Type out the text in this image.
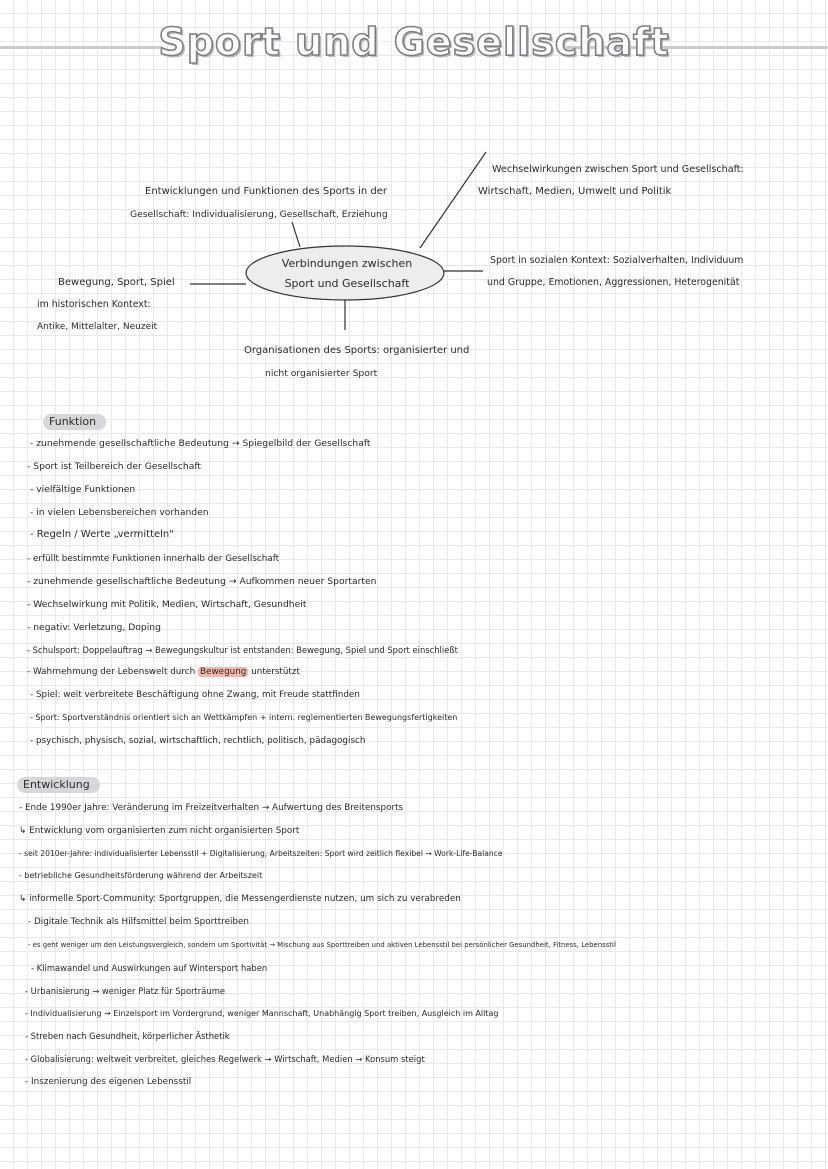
Sport und Gesellschaft
Verbindungen zwischen
Sport und Gesellschaft
Entwicklungen und Funktionen des Sports in der
Gesellschaft: Individualisierung, Gesellschaft, Erziehung
Wechselwirkungen zwischen Sport und Gesellschaft:
Wirtschaft, Medien, Umwelt und Politik
Bewegung, Sport, Spiel
im historischen Kontext:
Antike, Mittelalter, Neuzeit
Sport in sozialen Kontext: Sozialverhalten, Individuum
und Gruppe, Emotionen, Aggressionen, Heterogenität
Organisationen des Sports: organisierter und
nicht organisierter Sport
Funktion
- zunehmende gesellschaftliche Bedeutung → Spiegelbild der Gesellschaft
- Sport ist Teilbereich der Gesellschaft
- vielfältige Funktionen
- in vielen Lebensbereichen vorhanden
- Regeln / Werte „vermitteln"
- erfüllt bestimmte Funktionen innerhalb der Gesellschaft
- zunehmende gesellschaftliche Bedeutung → Aufkommen neuer Sportarten
- Wechselwirkung mit Politik, Medien, Wirtschaft, Gesundheit
- negativ: Verletzung, Doping
- Schulsport: Doppelauftrag → Bewegungskultur ist entstanden: Bewegung, Spiel und Sport einschließt
- Wahrnehmung der Lebenswelt durch Bewegung unterstützt
- Spiel: weit verbreitete Beschäftigung ohne Zwang, mit Freude stattfinden
- Sport: Sportverständnis orientiert sich an Wettkämpfen + intern. reglementierten Bewegungsfertigkeiten
- psychisch, physisch, sozial, wirtschaftlich, rechtlich, politisch, pädagogisch
Entwicklung
- Ende 1990er Jahre: Veränderung im Freizeitverhalten → Aufwertung des Breitensports
↳ Entwicklung vom organisierten zum nicht organisierten Sport
- seit 2010er-Jahre: individualisierter Lebensstil + Digitalisierung, Arbeitszeiten: Sport wird zeitlich flexibel → Work-Life-Balance
- betriebliche Gesundheitsförderung während der Arbeitszeit
↳ informelle Sport-Community: Sportgruppen, die Messengerdienste nutzen, um sich zu verabreden
- Digitale Technik als Hilfsmittel beim Sporttreiben
- es geht weniger um den Leistungsvergleich, sondern um Sportivität → Mischung aus Sporttreiben und aktiven Lebensstil bei persönlicher Gesundheit, Fitness, Lebensstil
- Klimawandel und Auswirkungen auf Wintersport haben
- Urbanisierung → weniger Platz für Sporträume
- Individualisierung → Einzelsport im Vordergrund, weniger Mannschaft, Unabhängig Sport treiben, Ausgleich im Alltag
- Streben nach Gesundheit, körperlicher Ästhetik
- Globalisierung: weltweit verbreitet, gleiches Regelwerk → Wirtschaft, Medien → Konsum steigt
- Inszenierung des eigenen Lebensstil
